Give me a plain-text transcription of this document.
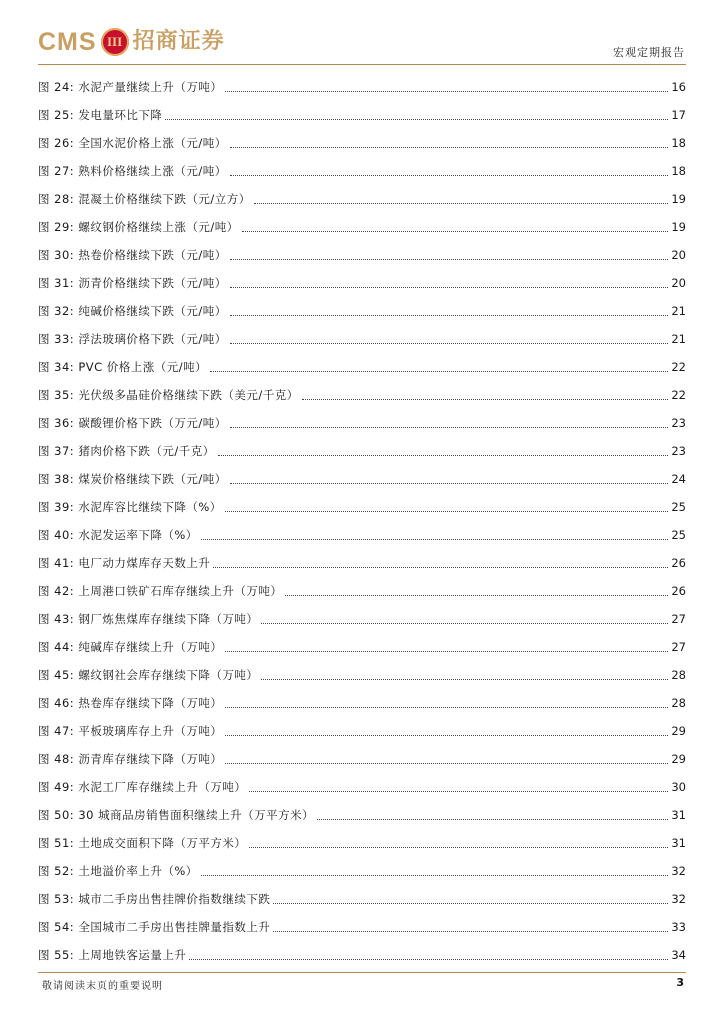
CMS III 招商证券	宏观定期报告
图 24: 水泥产量继续上升（万吨）	16
图 25: 发电量环比下降	17
图 26: 全国水泥价格上涨（元/吨）	18
图 27: 熟料价格继续上涨（元/吨）	18
图 28: 混凝土价格继续下跌（元/立方）	19
图 29: 螺纹钢价格继续上涨（元/吨）	19
图 30: 热卷价格继续下跌（元/吨）	20
图 31: 沥青价格继续下跌（元/吨）	20
图 32: 纯碱价格继续下跌（元/吨）	21
图 33: 浮法玻璃价格下跌（元/吨）	21
图 34: PVC 价格上涨（元/吨）	22
图 35: 光伏级多晶硅价格继续下跌（美元/千克）	22
图 36: 碳酸锂价格下跌（万元/吨）	23
图 37: 猪肉价格下跌（元/千克）	23
图 38: 煤炭价格继续下跌（元/吨）	24
图 39: 水泥库容比继续下降（%）	25
图 40: 水泥发运率下降（%）	25
图 41: 电厂动力煤库存天数上升	26
图 42: 上周港口铁矿石库存继续上升（万吨）	26
图 43: 钢厂炼焦煤库存继续下降（万吨）	27
图 44: 纯碱库存继续上升（万吨）	27
图 45: 螺纹钢社会库存继续下降（万吨）	28
图 46: 热卷库存继续下降（万吨）	28
图 47: 平板玻璃库存上升（万吨）	29
图 48: 沥青库存继续下降（万吨）	29
图 49: 水泥工厂库存继续上升（万吨）	30
图 50: 30 城商品房销售面积继续上升（万平方米）	31
图 51: 土地成交面积下降（万平方米）	31
图 52: 土地溢价率上升（%）	32
图 53: 城市二手房出售挂牌价指数继续下跌	32
图 54: 全国城市二手房出售挂牌量指数上升	33
图 55: 上周地铁客运量上升	34
敬请阅读末页的重要说明	3
